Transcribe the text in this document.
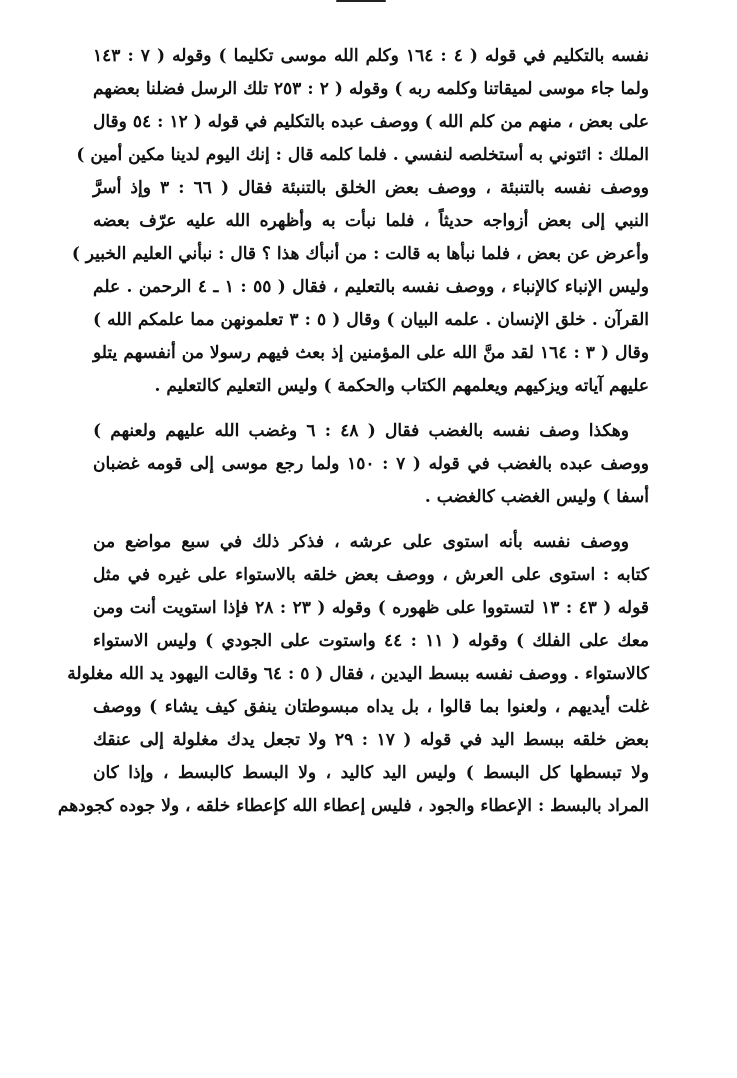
نفسه بالتكليم في قوله ( ٤ : ١٦٤ وكلم الله موسى تكليما ) وقوله ( ٧ : ١٤٣
ولما جاء موسى لميقاتنا وكلمه ربه ) وقوله ( ٢ : ٢٥٣ تلك الرسل فضلنا بعضهم
على بعض ، منهم من كلم الله ) ووصف عبده بالتكليم في قوله ( ١٢ : ٥٤ وقال
الملك : ائتوني به أستخلصه لنفسي . فلما كلمه قال : إنك اليوم لدينا مكين أمين )
ووصف نفسه بالتنبئة ، ووصف بعض الخلق بالتنبئة فقال ( ٦٦ : ٣ وإذ أسرَّ
النبي إلى بعض أزواجه حديثاً ، فلما نبأت به وأظهره الله عليه عرّف بعضه
وأعرض عن بعض ، فلما نبأها به قالت : من أنبأك هذا ؟ قال : نبأني العليم الخبير )
وليس الإنباء كالإنباء ، ووصف نفسه بالتعليم ، فقال ( ٥٥ : ١ ـ ٤ الرحمن . علم
القرآن . خلق الإنسان . علمه البيان ) وقال ( ٥ : ٣ تعلمونهن مما علمكم الله )
وقال ( ٣ : ١٦٤ لقد منَّ الله على المؤمنين إذ بعث فيهم رسولا من أنفسهم يتلو
عليهم آياته ويزكيهم ويعلمهم الكتاب والحكمة ) وليس التعليم كالتعليم .
وهكذا وصف نفسه بالغضب فقال ( ٤٨ : ٦ وغضب الله عليهم ولعنهم )
ووصف عبده بالغضب في قوله ( ٧ : ١٥٠ ولما رجع موسى إلى قومه غضبان
أسفا ) وليس الغضب كالغضب .
ووصف نفسه بأنه استوى على عرشه ، فذكر ذلك في سبع مواضع من
كتابه : استوى على العرش ، ووصف بعض خلقه بالاستواء على غيره في مثل
قوله ( ٤٣ : ١٣ لتستووا على ظهوره ) وقوله ( ٢٣ : ٢٨ فإذا استويت أنت ومن
معك على الفلك ) وقوله ( ١١ : ٤٤ واستوت على الجودي ) وليس الاستواء
كالاستواء . ووصف نفسه ببسط اليدين ، فقال ( ٥ : ٦٤ وقالت اليهود يد الله مغلولة
غلت أيديهم ، ولعنوا بما قالوا ، بل يداه مبسوطتان ينفق كيف يشاء ) ووصف
بعض خلقه ببسط اليد في قوله ( ١٧ : ٢٩ ولا تجعل يدك مغلولة إلى عنقك
ولا تبسطها كل البسط ) وليس اليد كاليد ، ولا البسط كالبسط ، وإذا كان
المراد بالبسط : الإعطاء والجود ، فليس إعطاء الله كإعطاء خلقه ، ولا جوده كجودهم
